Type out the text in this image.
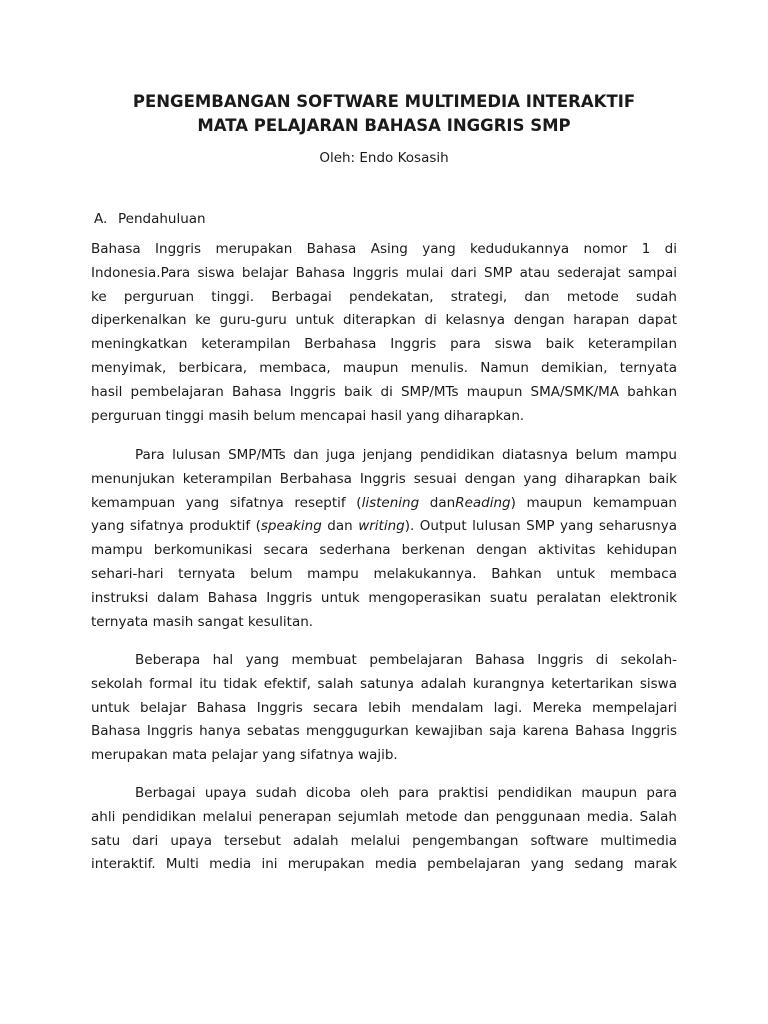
PENGEMBANGAN SOFTWARE MULTIMEDIA INTERAKTIF
MATA PELAJARAN BAHASA INGGRIS SMP
Oleh: Endo Kosasih
A. Pendahuluan
Bahasa Inggris merupakan Bahasa Asing yang kedudukannya nomor 1 di
Indonesia.Para siswa belajar Bahasa Inggris mulai dari SMP atau sederajat sampai
ke perguruan tinggi. Berbagai pendekatan, strategi, dan metode sudah
diperkenalkan ke guru-guru untuk diterapkan di kelasnya dengan harapan dapat
meningkatkan keterampilan Berbahasa Inggris para siswa baik keterampilan
menyimak, berbicara, membaca, maupun menulis. Namun demikian, ternyata
hasil pembelajaran Bahasa Inggris baik di SMP/MTs maupun SMA/SMK/MA bahkan
perguruan tinggi masih belum mencapai hasil yang diharapkan.
Para lulusan SMP/MTs dan juga jenjang pendidikan diatasnya belum mampu
menunjukan keterampilan Berbahasa Inggris sesuai dengan yang diharapkan baik
kemampuan yang sifatnya reseptif (listening danReading) maupun kemampuan
yang sifatnya produktif (speaking dan writing). Output lulusan SMP yang seharusnya
mampu berkomunikasi secara sederhana berkenan dengan aktivitas kehidupan
sehari-hari ternyata belum mampu melakukannya. Bahkan untuk membaca
instruksi dalam Bahasa Inggris untuk mengoperasikan suatu peralatan elektronik
ternyata masih sangat kesulitan.
Beberapa hal yang membuat pembelajaran Bahasa Inggris di sekolah-
sekolah formal itu tidak efektif, salah satunya adalah kurangnya ketertarikan siswa
untuk belajar Bahasa Inggris secara lebih mendalam lagi. Mereka mempelajari
Bahasa Inggris hanya sebatas menggugurkan kewajiban saja karena Bahasa Inggris
merupakan mata pelajar yang sifatnya wajib.
Berbagai upaya sudah dicoba oleh para praktisi pendidikan maupun para
ahli pendidikan melalui penerapan sejumlah metode dan penggunaan media. Salah
satu dari upaya tersebut adalah melalui pengembangan software multimedia
interaktif. Multi media ini merupakan media pembelajaran yang sedang marak
